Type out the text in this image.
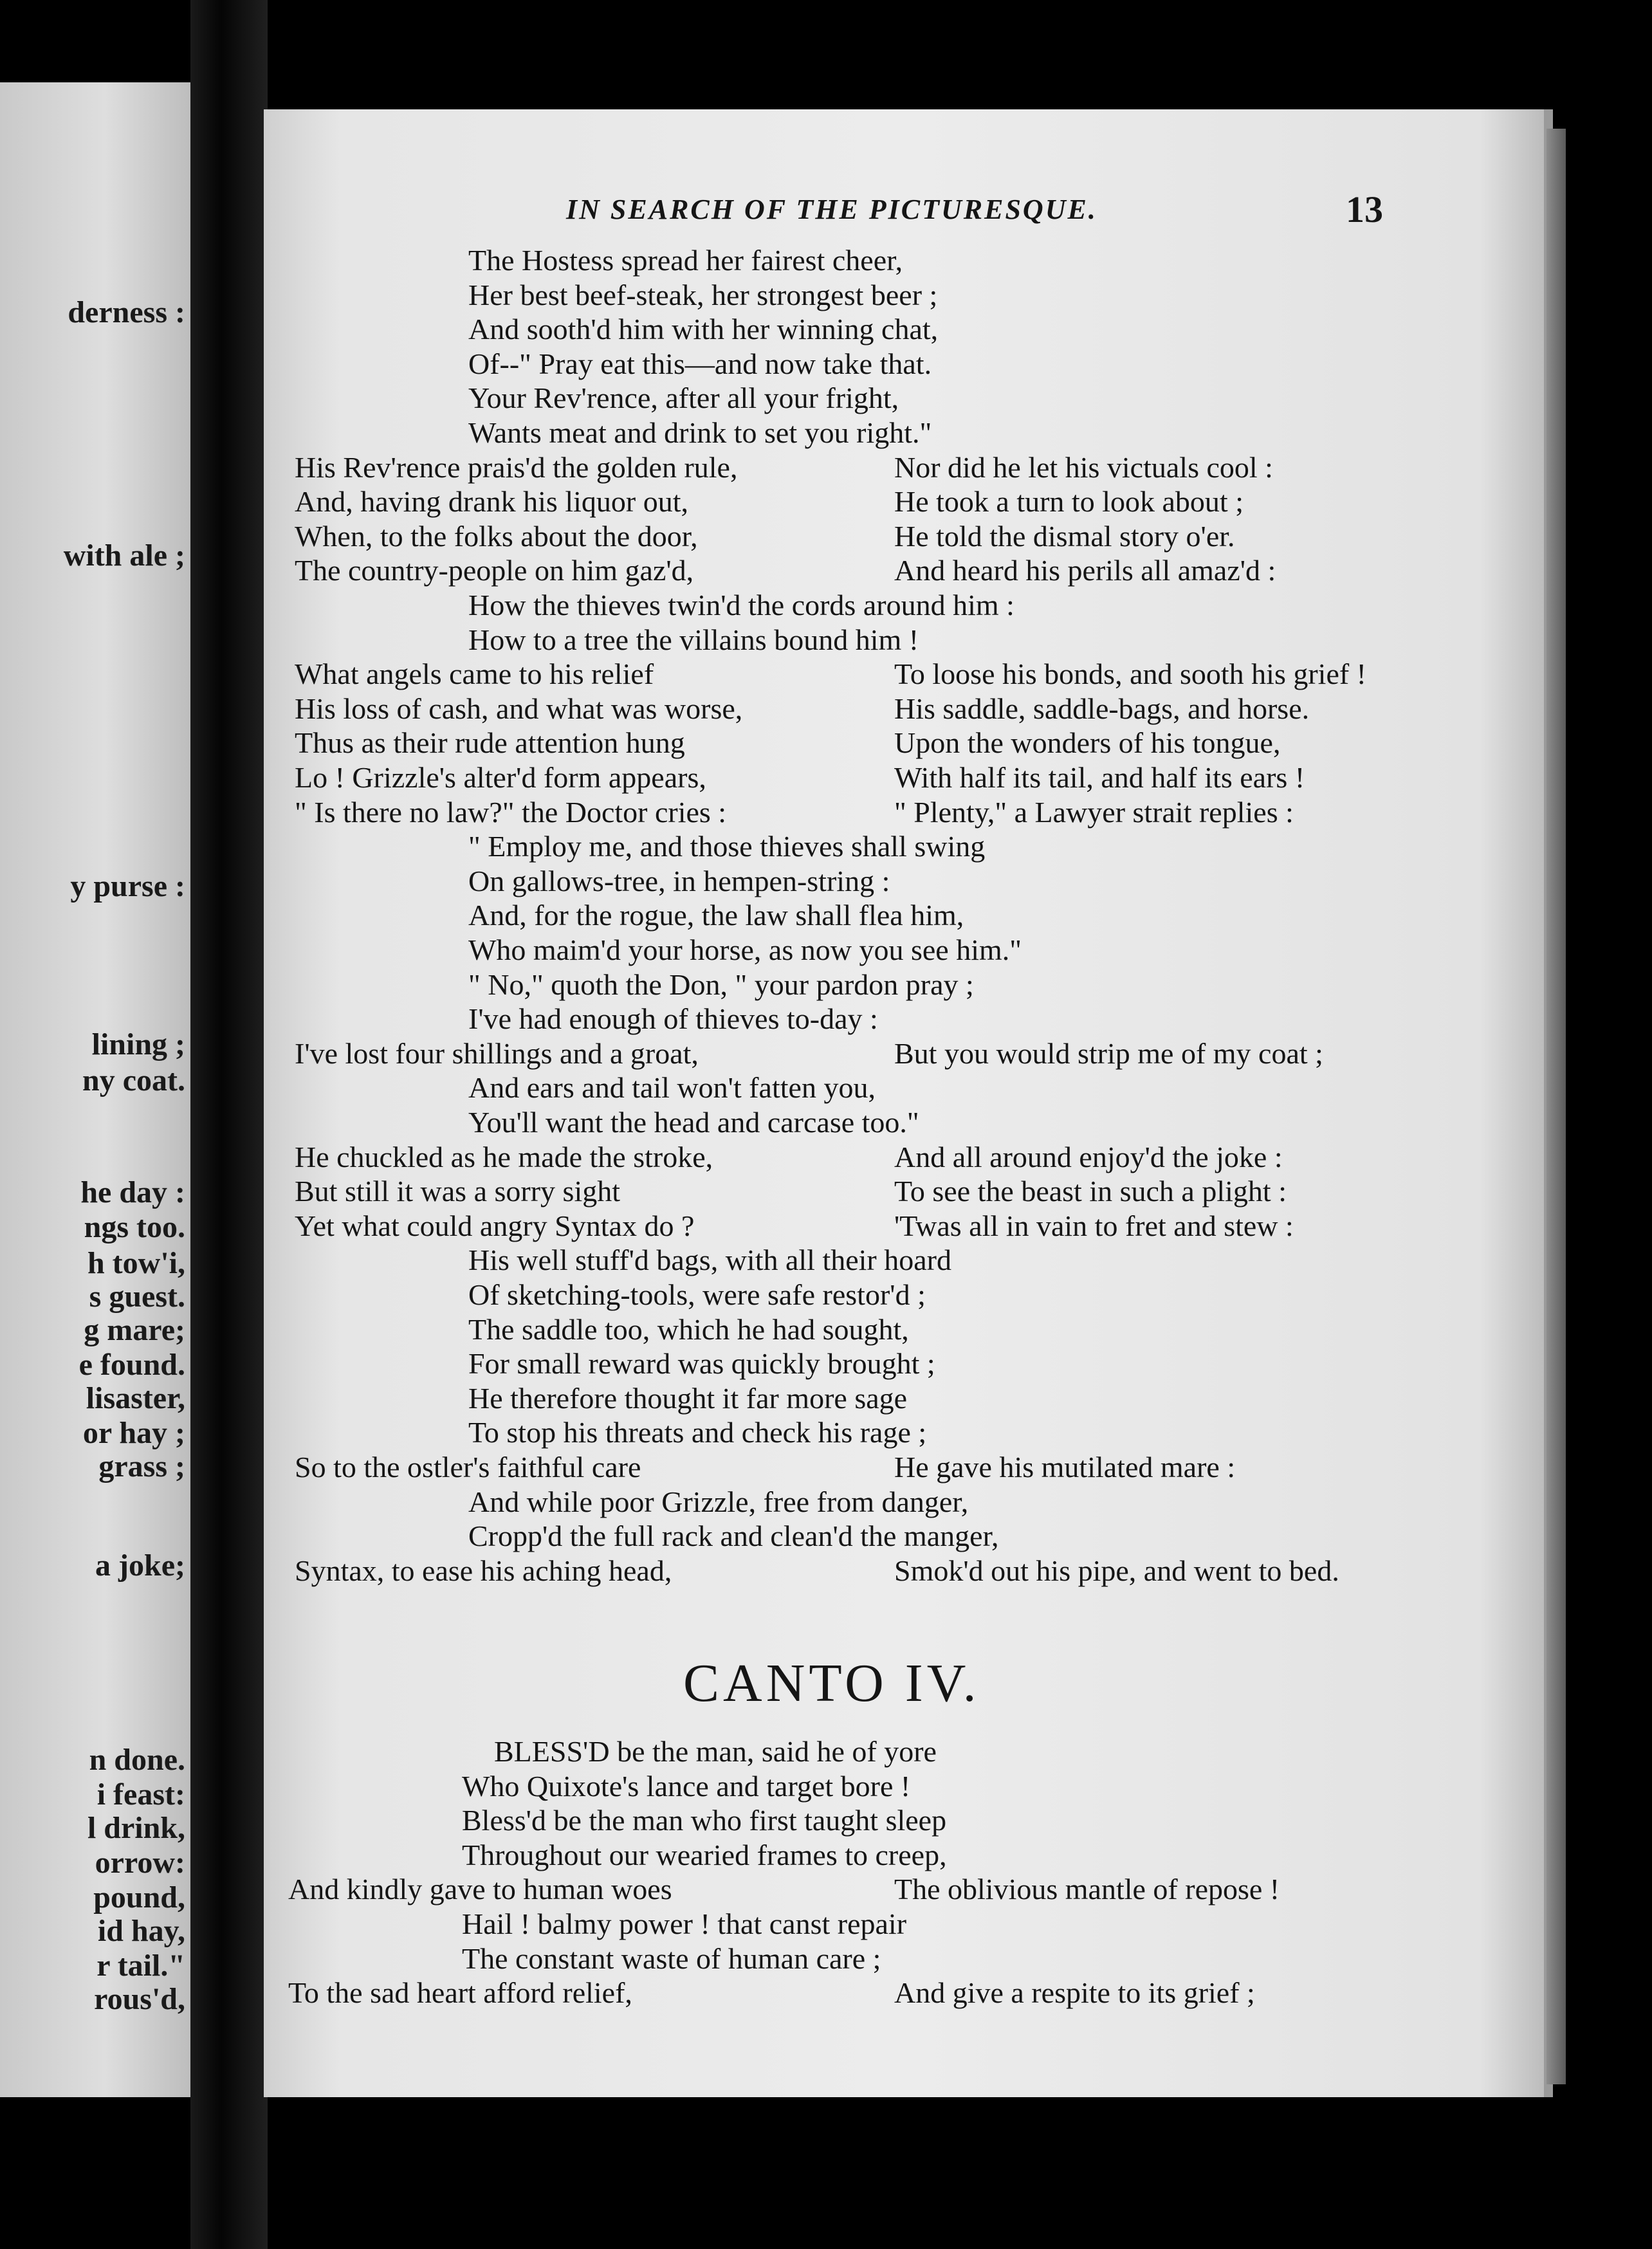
derness :
with ale ;
y purse :
lining ;
ny coat.
he day :
ngs too.
h tow'i,
s guest.
g mare;
e found.
lisaster,
or hay ;
grass ;
a joke;
n done.
i feast:
l drink,
orrow:
pound,
id hay,
r tail."
rous'd,
IN SEARCH OF THE PICTURESQUE.	13
The Hostess spread her fairest cheer,
Her best beef-steak, her strongest beer ;
And sooth'd him with her winning chat,
Of--" Pray eat this—and now take that.
Your Rev'rence, after all your fright,
Wants meat and drink to set you right."
His Rev'rence prais'd the golden rule,	Nor did he let his victuals cool :
And, having drank his liquor out,	He took a turn to look about ;
When, to the folks about the door,	He told the dismal story o'er.
The country-people on him gaz'd,	And heard his perils all amaz'd :
How the thieves twin'd the cords around him :
How to a tree the villains bound him !
What angels came to his relief	To loose his bonds, and sooth his grief !
His loss of cash, and what was worse,	His saddle, saddle-bags, and horse.
Thus as their rude attention hung	Upon the wonders of his tongue,
Lo ! Grizzle's alter'd form appears,	With half its tail, and half its ears !
" Is there no law?" the Doctor cries :	" Plenty," a Lawyer strait replies :
" Employ me, and those thieves shall swing
On gallows-tree, in hempen-string :
And, for the rogue, the law shall flea him,
Who maim'd your horse, as now you see him."
" No," quoth the Don, " your pardon pray ;
I've had enough of thieves to-day :
I've lost four shillings and a groat,	But you would strip me of my coat ;
And ears and tail won't fatten you,
You'll want the head and carcase too."
He chuckled as he made the stroke,	And all around enjoy'd the joke :
But still it was a sorry sight	To see the beast in such a plight :
Yet what could angry Syntax do ?	'Twas all in vain to fret and stew :
His well stuff'd bags, with all their hoard
Of sketching-tools, were safe restor'd ;
The saddle too, which he had sought,
For small reward was quickly brought ;
He therefore thought it far more sage
To stop his threats and check his rage ;
So to the ostler's faithful care	He gave his mutilated mare :
And while poor Grizzle, free from danger,
Cropp'd the full rack and clean'd the manger,
Syntax, to ease his aching head,	Smok'd out his pipe, and went to bed.
CANTO IV.
BLESS'D be the man, said he of yore
Who Quixote's lance and target bore !
Bless'd be the man who first taught sleep
Throughout our wearied frames to creep,
And kindly gave to human woes	The oblivious mantle of repose !
Hail ! balmy power ! that canst repair
The constant waste of human care ;
To the sad heart afford relief,	And give a respite to its grief ;
